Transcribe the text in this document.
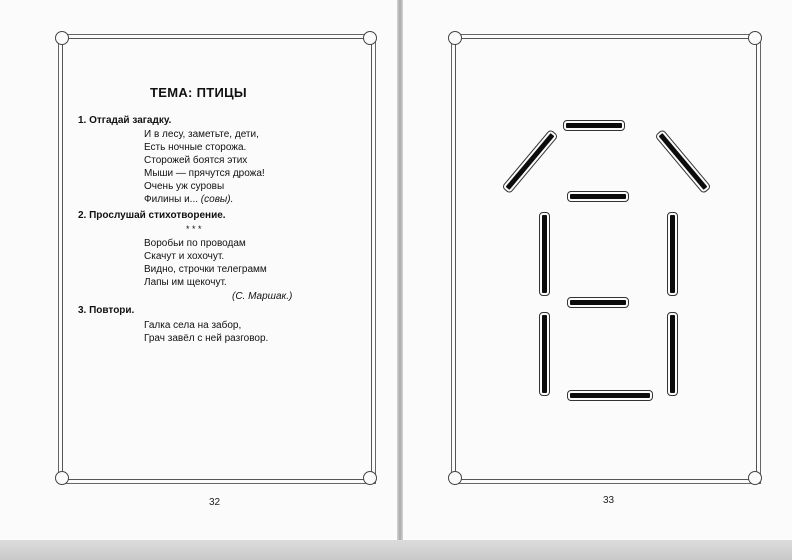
ТЕМА: ПТИЦЫ
1. Отгадай загадку.
И в лесу, заметьте, дети,
Есть ночные сторожа.
Сторожей боятся этих
Мыши — прячутся дрожа!
Очень уж суровы
Филины и... (совы).
2. Прослушай стихотворение.
* * *
Воробьи по проводам
Скачут и хохочут.
Видно, строчки телеграмм
Лапы им щекочут.
(С. Маршак.)
3. Повтори.
Галка села на забор,
Грач завёл с ней разговор.
32	33
